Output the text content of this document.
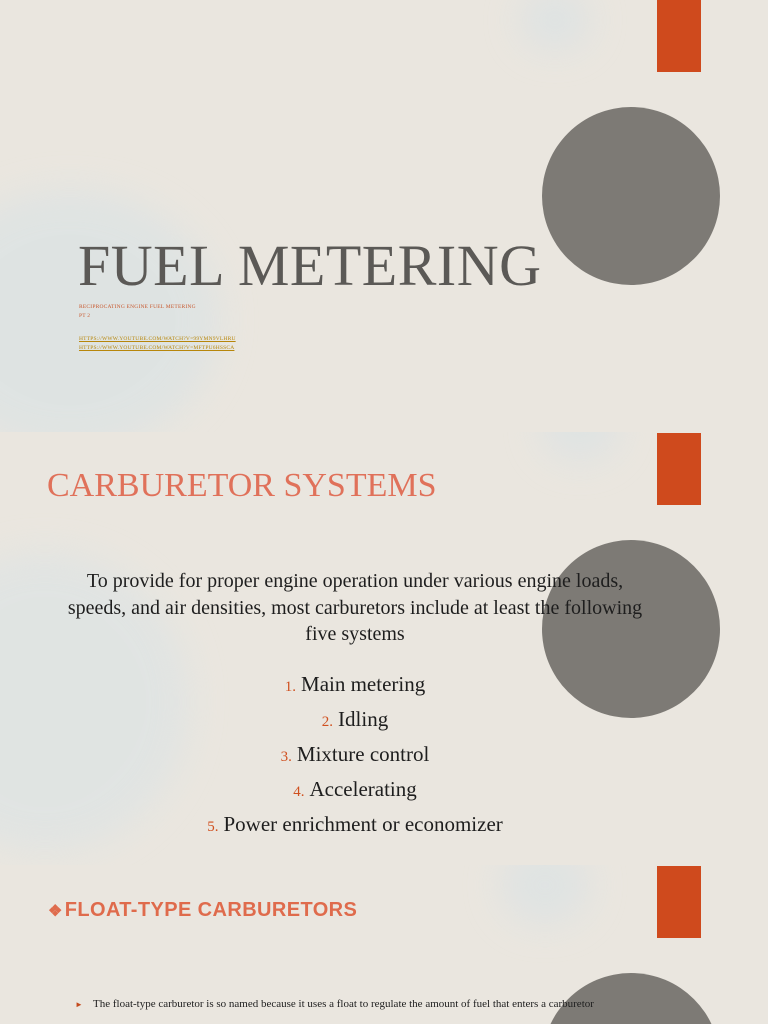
FUEL METERING
RECIPROCATING ENGINE FUEL METERING
PT 2
HTTPS://WWW.YOUTUBE.COM/WATCH?V=99YMN9VLHRU
HTTPS://WWW.YOUTUBE.COM/WATCH?V=MFTPU6HSSCA
CARBURETOR SYSTEMS

To provide for proper engine operation under various engine loads, speeds, and air densities, most carburetors include at least the following five systems

1. Main metering
2. Idling
3. Mixture control
4. Accelerating
5. Power enrichment or economizer
❖ FLOAT-TYPE CARBURETORS
► The float-type carburetor is so named because it uses a float to regulate the amount of fuel that enters a carburetor
